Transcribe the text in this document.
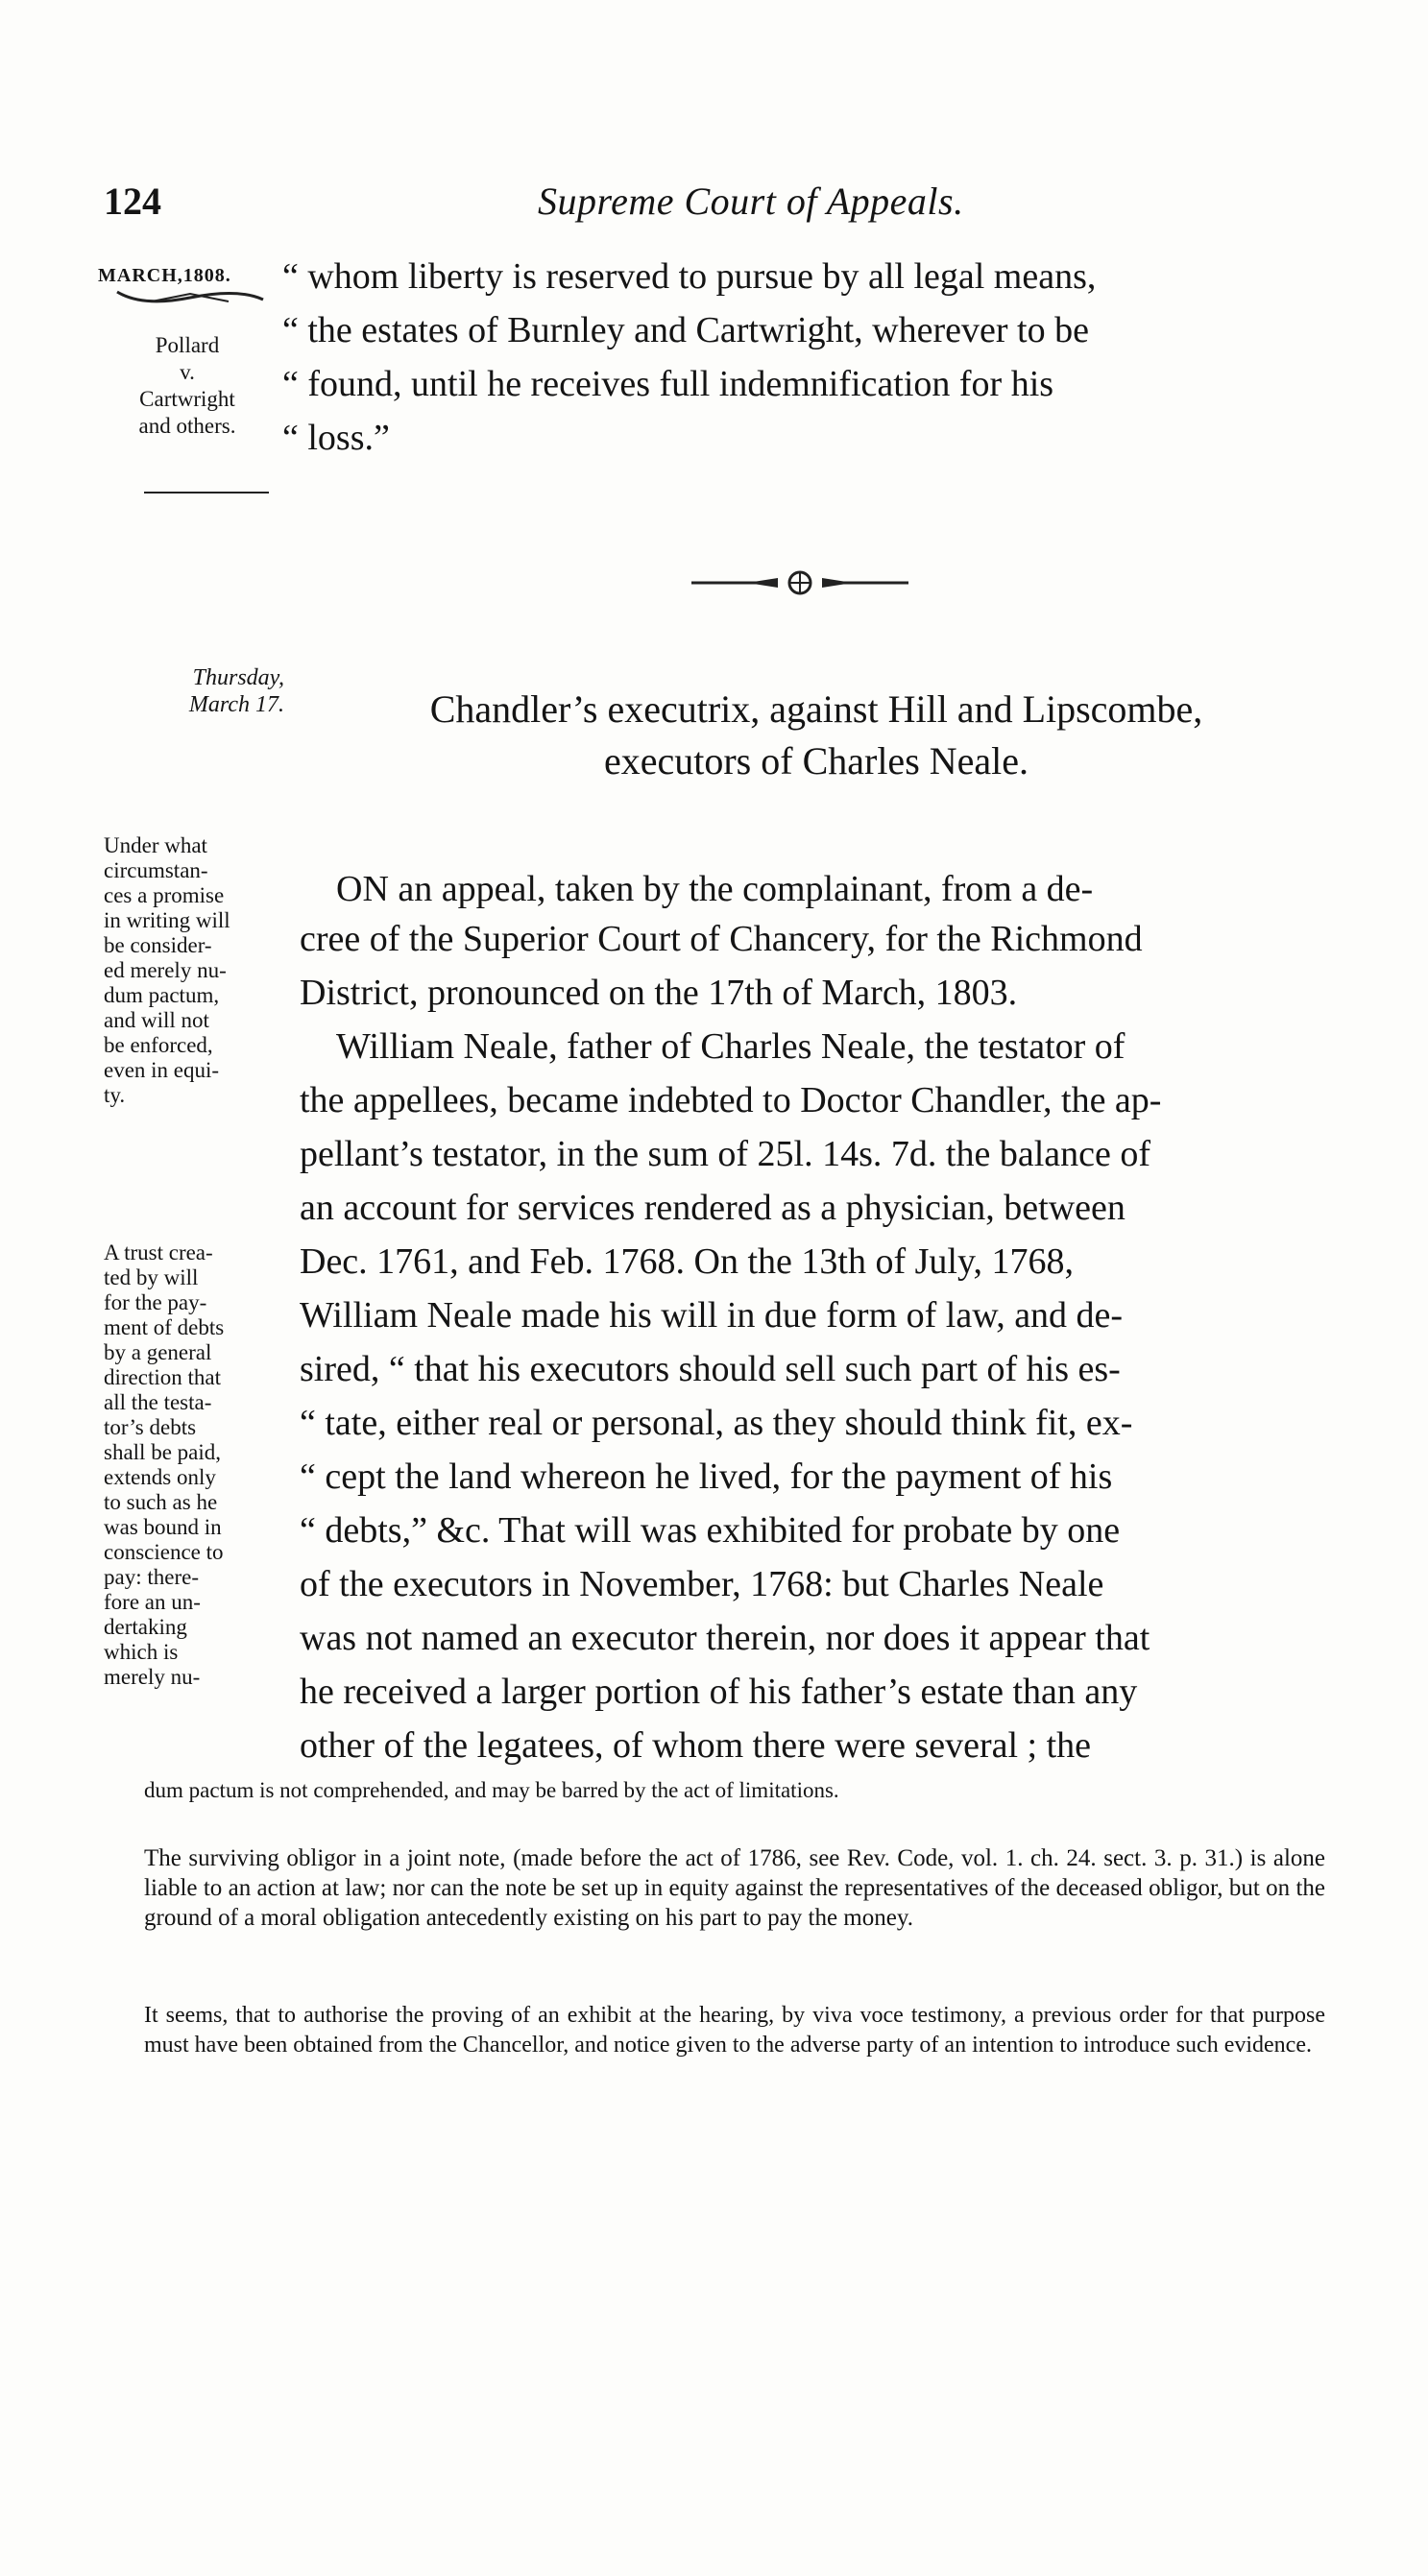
124	Supreme Court of Appeals.
MARCH,1808.
Pollard
v.
Cartwright
and others.
“ whom liberty is reserved to pursue by all legal means,
“ the estates of Burnley and Cartwright, wherever to be
“ found, until he receives full indemnification for his
“ loss.”
Thursday,
March 17.	Chandler’s executrix, against Hill and Lipscombe,
executors of Charles Neale.
Under what
circumstan-
ces a promise
in writing will
be consider-
ed merely nu-
dum pactum,
and will not
be enforced,
even in equi-
ty.
A trust crea-
ted by will
for the pay-
ment of debts
by a general
direction that
all the testa-
tor’s debts
shall be paid,
extends only
to such as he
was bound in
conscience to
pay: there-
fore an un-
dertaking
which is
merely nu-
dum pactum is not comprehended, and may be barred by the act of limitations.
ON an appeal, taken by the complainant, from a de-
cree of the Superior Court of Chancery, for the Richmond
District, pronounced on the 17th of March, 1803.
William Neale, father of Charles Neale, the testator of
the appellees, became indebted to Doctor Chandler, the ap-
pellant’s testator, in the sum of 25l. 14s. 7d. the balance of
an account for services rendered as a physician, between
Dec. 1761, and Feb. 1768. On the 13th of July, 1768,
William Neale made his will in due form of law, and de-
sired, “ that his executors should sell such part of his es-
“ tate, either real or personal, as they should think fit, ex-
“ cept the land whereon he lived, for the payment of his
“ debts,” &c. That will was exhibited for probate by one
of the executors in November, 1768: but Charles Neale
was not named an executor therein, nor does it appear that
he received a larger portion of his father’s estate than any
other of the legatees, of whom there were several ; the
The surviving obligor in a joint note, (made before the act of 1786, see Rev. Code, vol. 1. ch. 24. sect. 3. p. 31.) is alone liable to an action at law; nor can the note be set up in equity against the representatives of the deceased obligor, but on the ground of a moral obligation antecedently existing on his part to pay the money.
It seems, that to authorise the proving of an exhibit at the hearing, by viva voce testimony, a previous order for that purpose must have been obtained from the Chancellor, and notice given to the adverse party of an intention to introduce such evidence.
